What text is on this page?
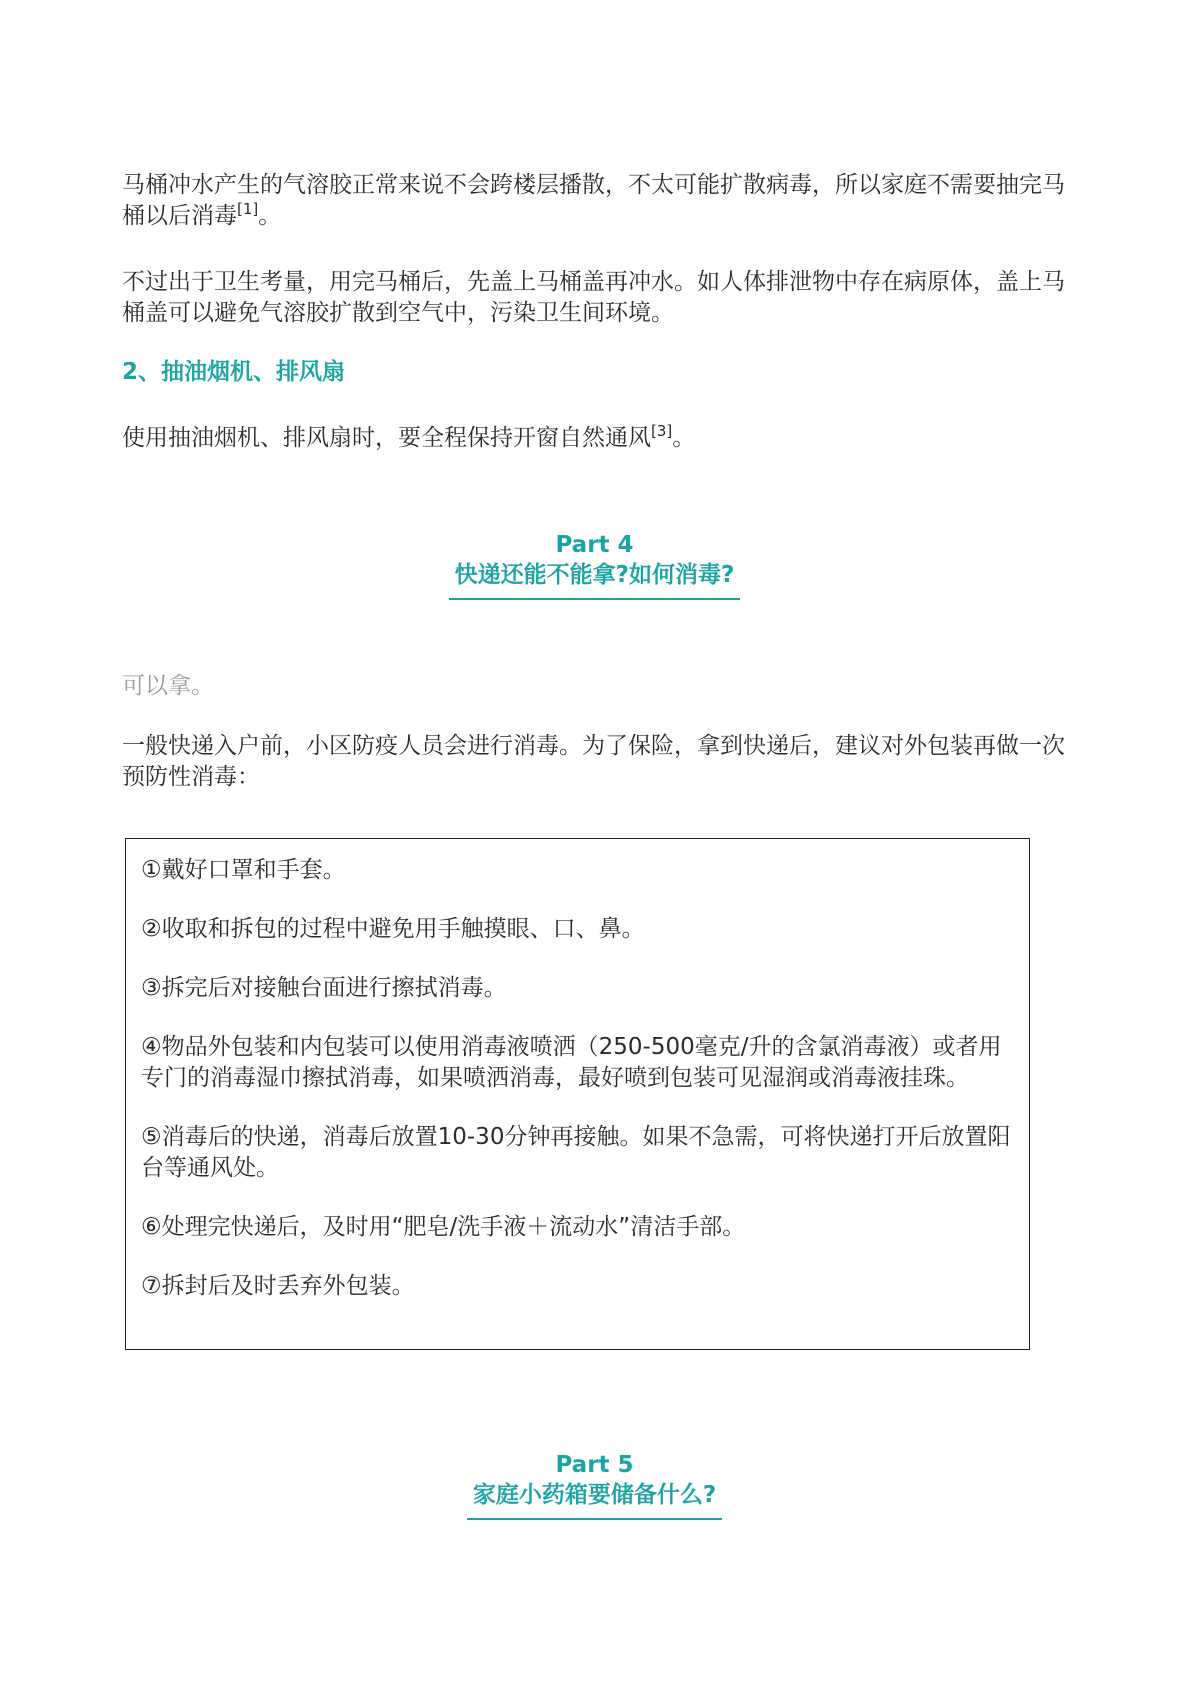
马桶冲水产生的气溶胶正常来说不会跨楼层播散，不太可能扩散病毒，所以家庭不需要抽完马桶以后消毒[1]。

不过出于卫生考量，用完马桶后，先盖上马桶盖再冲水。如人体排泄物中存在病原体，盖上马桶盖可以避免气溶胶扩散到空气中，污染卫生间环境。

2、抽油烟机、排风扇

使用抽油烟机、排风扇时，要全程保持开窗自然通风[3]。

Part 4
快递还能不能拿?如何消毒?

可以拿。

一般快递入户前，小区防疫人员会进行消毒。为了保险，拿到快递后，建议对外包装再做一次预防性消毒：

①戴好口罩和手套。

②收取和拆包的过程中避免用手触摸眼、口、鼻。

③拆完后对接触台面进行擦拭消毒。

④物品外包装和内包装可以使用消毒液喷洒（250-500毫克/升的含氯消毒液）或者用专门的消毒湿巾擦拭消毒，如果喷洒消毒，最好喷到包装可见湿润或消毒液挂珠。

⑤消毒后的快递，消毒后放置10-30分钟再接触。如果不急需，可将快递打开后放置阳台等通风处。

⑥处理完快递后，及时用“肥皂/洗手液＋流动水”清洁手部。

⑦拆封后及时丢弃外包装。

Part 5
家庭小药箱要储备什么?
